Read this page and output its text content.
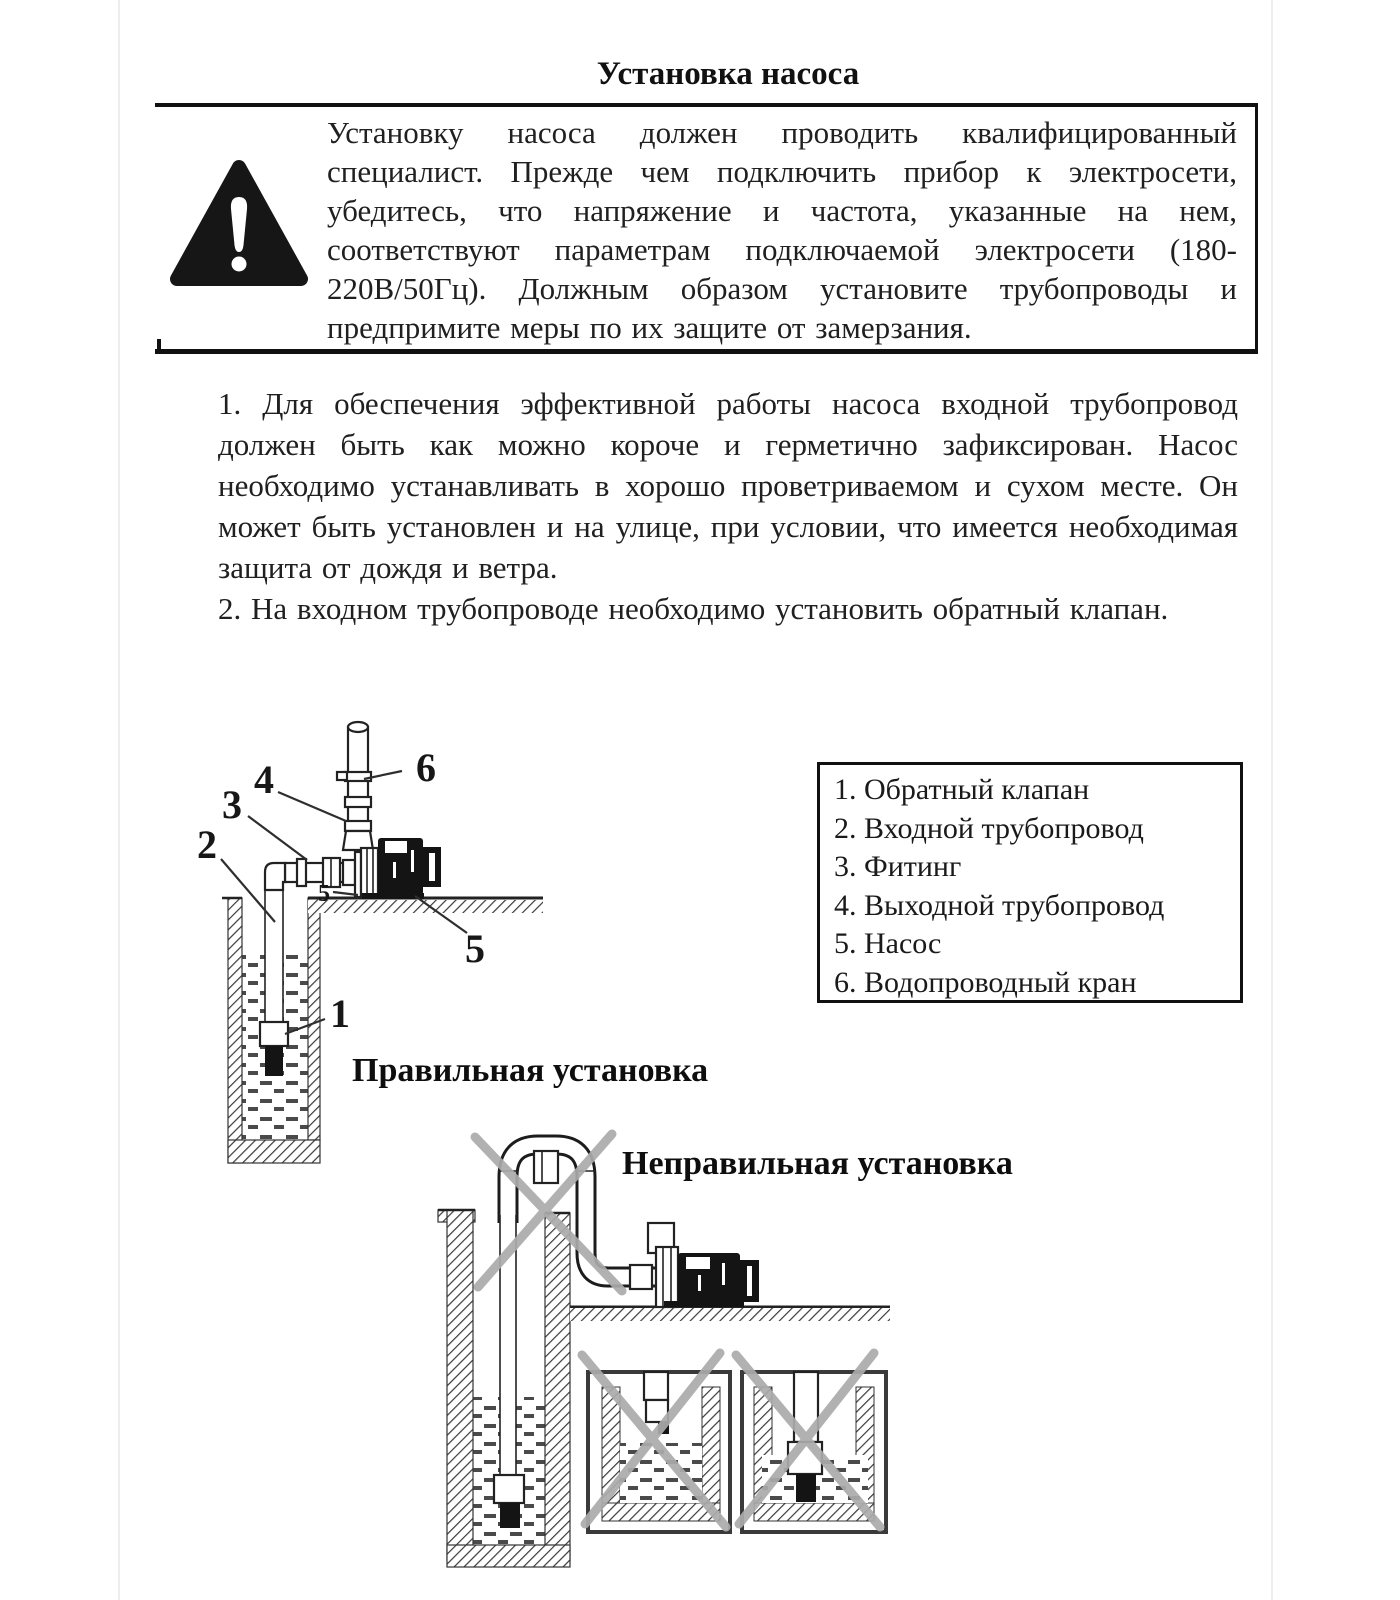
Установка насоса
Установку насоса должен проводить квалифицированный специалист. Прежде чем подключить прибор к электросети, убедитесь, что напряжение и частота, указанные на нем, соответствуют параметрам подключаемой электросети (180-220В/50Гц). Должным образом установите трубопроводы и предпримите меры по их защите от замерзания.

1. Для обеспечения эффективной работы насоса входной трубопровод должен быть как можно короче и герметично зафиксирован. Насос необходимо устанавливать в хорошо проветриваемом и сухом месте. Он может быть установлен и на улице, при условии, что имеется необходимая защита от дождя и ветра.

2. На входном трубопроводе необходимо установить обратный клапан.

6
4
3
2
1
5
5
Правильная установка
1. Обратный клапан
2. Входной трубопровод
3. Фитинг
4. Выходной трубопровод
5. Насос
6. Водопроводный кран
Неправильная установка
